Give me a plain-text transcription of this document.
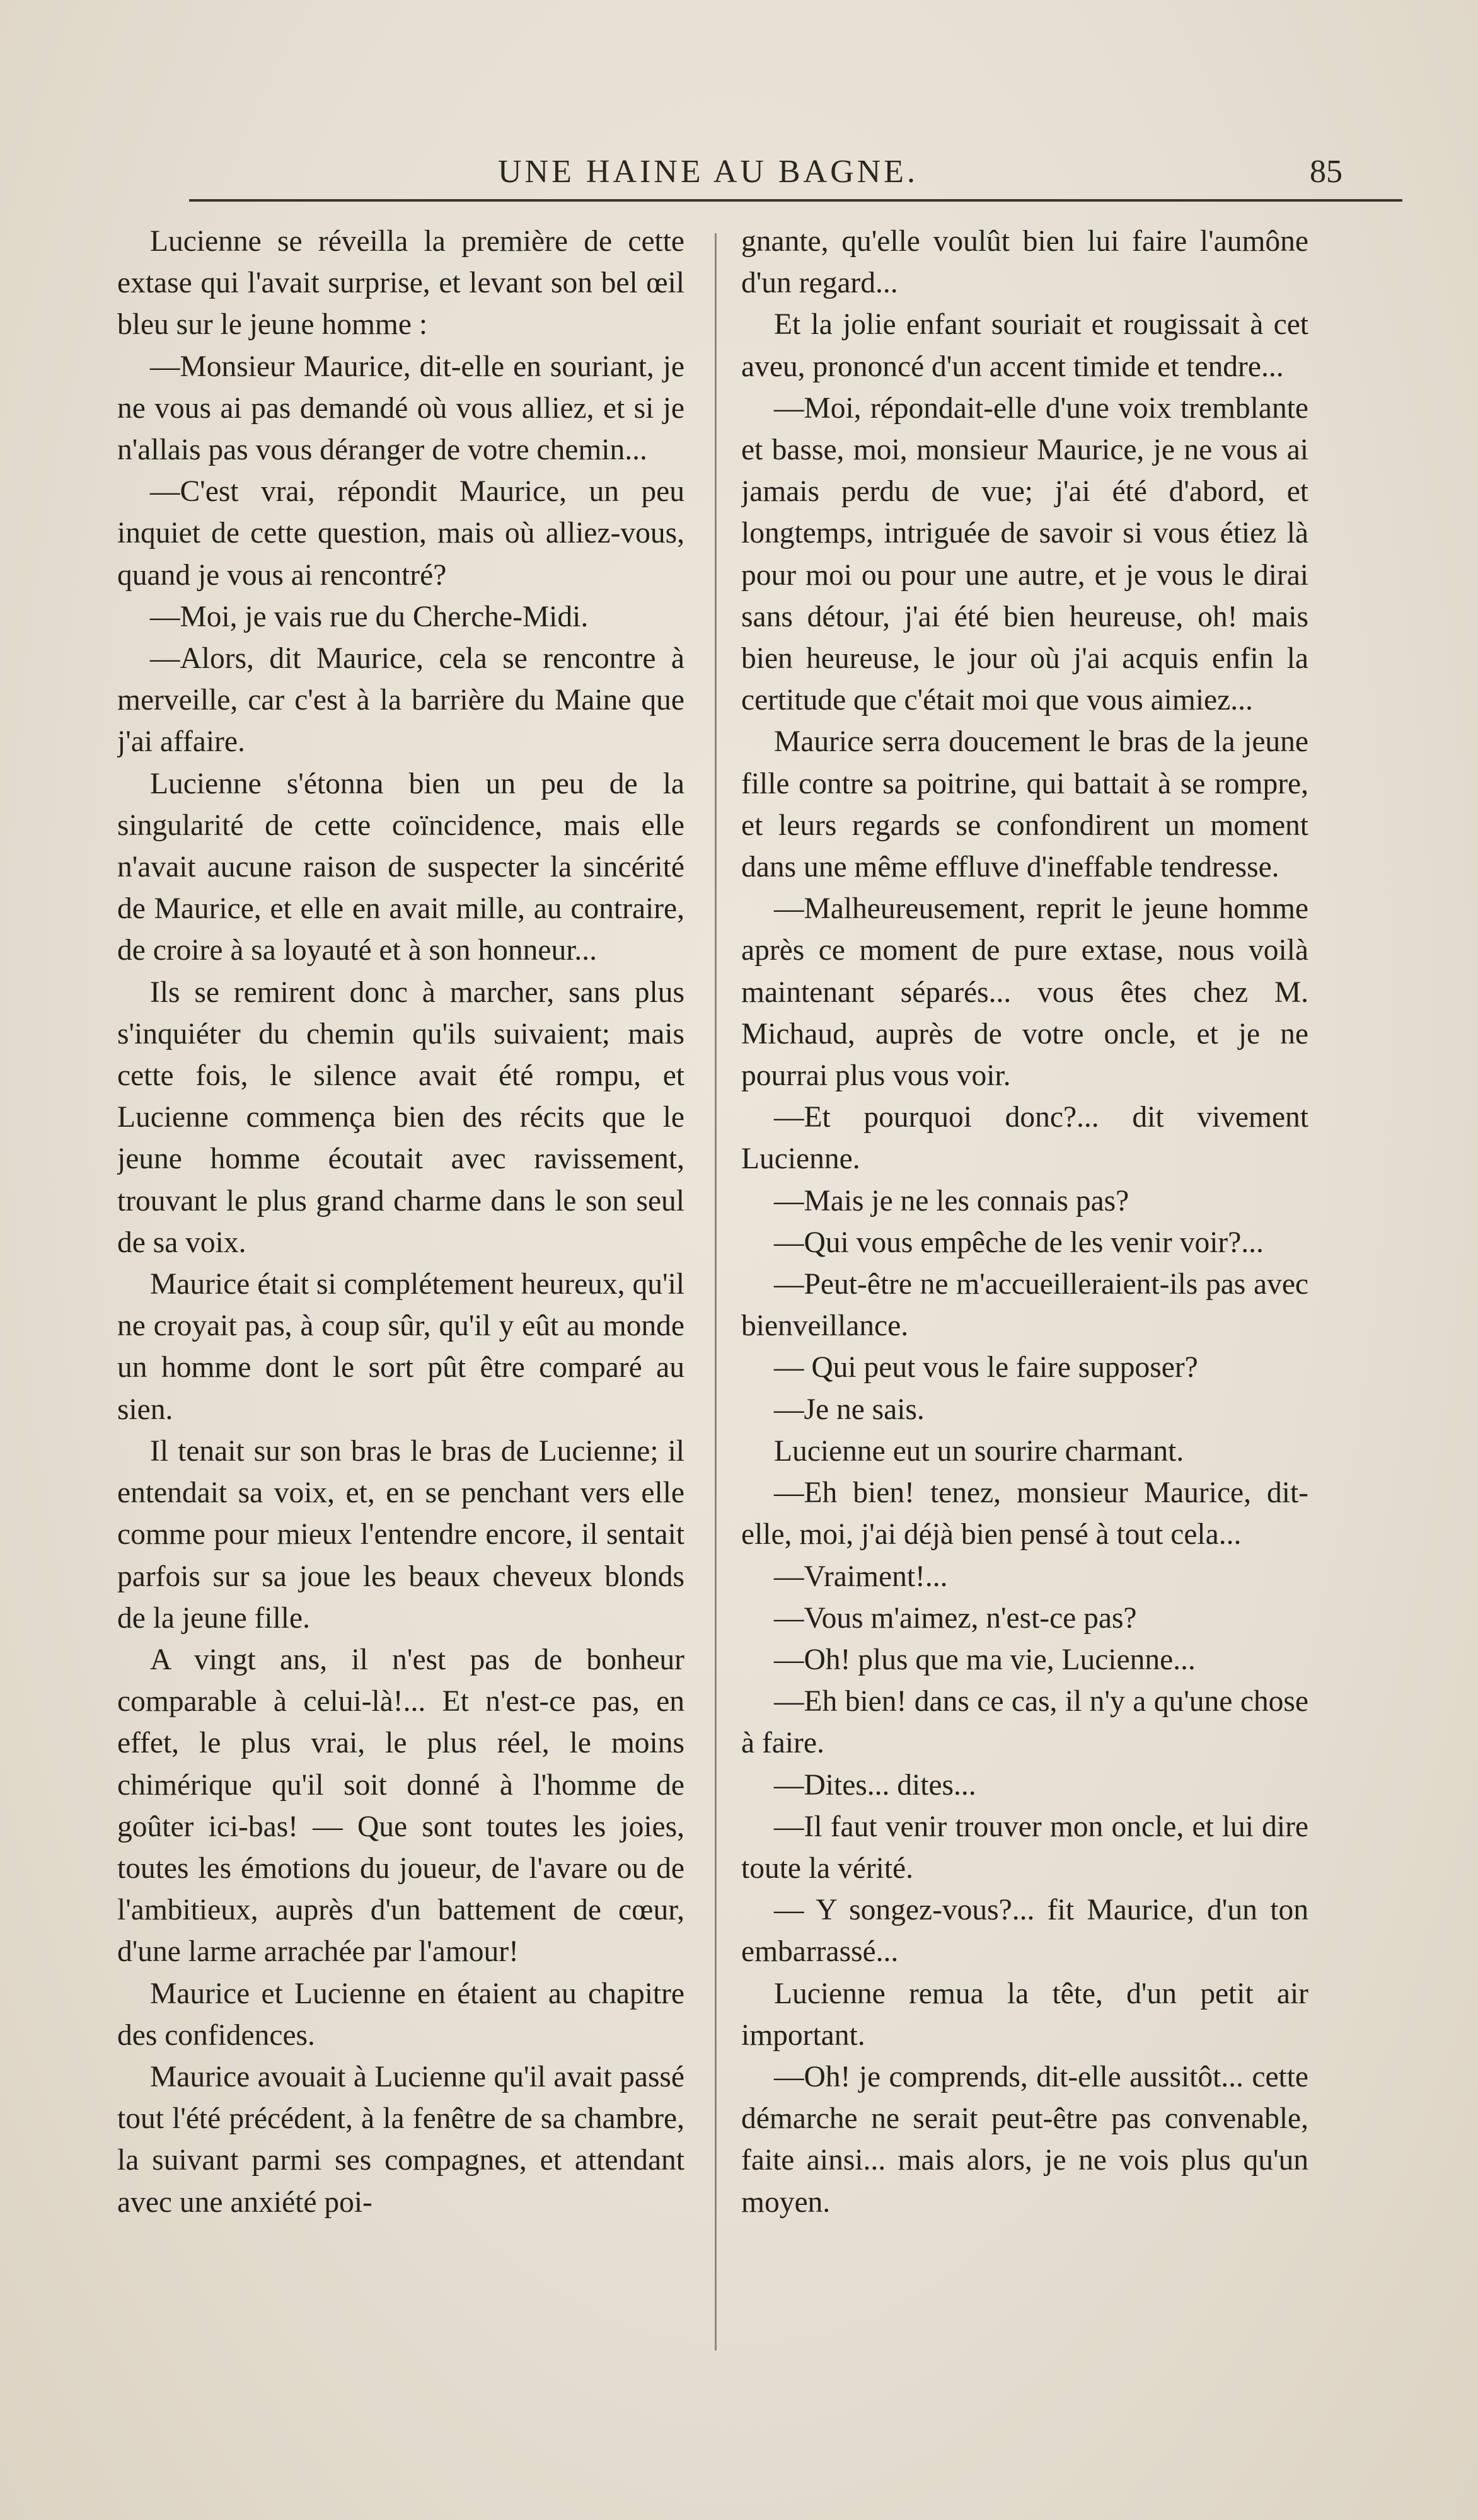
UNE HAINE AU BAGNE.	85

Lucienne se réveilla la première de cette extase qui l'avait surprise, et levant son bel œil bleu sur le jeune homme :

—Monsieur Maurice, dit-elle en souriant, je ne vous ai pas demandé où vous alliez, et si je n'allais pas vous déranger de votre chemin...

—C'est vrai, répondit Maurice, un peu inquiet de cette question, mais où alliez-vous, quand je vous ai rencontré?

—Moi, je vais rue du Cherche-Midi.

—Alors, dit Maurice, cela se rencontre à merveille, car c'est à la barrière du Maine que j'ai affaire.

Lucienne s'étonna bien un peu de la singularité de cette coïncidence, mais elle n'avait aucune raison de suspecter la sincérité de Maurice, et elle en avait mille, au contraire, de croire à sa loyauté et à son honneur...

Ils se remirent donc à marcher, sans plus s'inquiéter du chemin qu'ils suivaient; mais cette fois, le silence avait été rompu, et Lucienne commença bien des récits que le jeune homme écoutait avec ravissement, trouvant le plus grand charme dans le son seul de sa voix.

Maurice était si complétement heureux, qu'il ne croyait pas, à coup sûr, qu'il y eût au monde un homme dont le sort pût être comparé au sien.

Il tenait sur son bras le bras de Lucienne; il entendait sa voix, et, en se penchant vers elle comme pour mieux l'entendre encore, il sentait parfois sur sa joue les beaux cheveux blonds de la jeune fille.

A vingt ans, il n'est pas de bonheur comparable à celui-là!... Et n'est-ce pas, en effet, le plus vrai, le plus réel, le moins chimérique qu'il soit donné à l'homme de goûter ici-bas! — Que sont toutes les joies, toutes les émotions du joueur, de l'avare ou de l'ambitieux, auprès d'un battement de cœur, d'une larme arrachée par l'amour!

Maurice et Lucienne en étaient au chapitre des confidences.

Maurice avouait à Lucienne qu'il avait passé tout l'été précédent, à la fenêtre de sa chambre, la suivant parmi ses compagnes, et attendant avec une anxiété poi-

gnante, qu'elle voulût bien lui faire l'aumône d'un regard...

Et la jolie enfant souriait et rougissait à cet aveu, prononcé d'un accent timide et tendre...

—Moi, répondait-elle d'une voix tremblante et basse, moi, monsieur Maurice, je ne vous ai jamais perdu de vue; j'ai été d'abord, et longtemps, intriguée de savoir si vous étiez là pour moi ou pour une autre, et je vous le dirai sans détour, j'ai été bien heureuse, oh! mais bien heureuse, le jour où j'ai acquis enfin la certitude que c'était moi que vous aimiez...

Maurice serra doucement le bras de la jeune fille contre sa poitrine, qui battait à se rompre, et leurs regards se confondirent un moment dans une même effluve d'ineffable tendresse.

—Malheureusement, reprit le jeune homme après ce moment de pure extase, nous voilà maintenant séparés... vous êtes chez M. Michaud, auprès de votre oncle, et je ne pourrai plus vous voir.

—Et pourquoi donc?... dit vivement Lucienne.

—Mais je ne les connais pas?

—Qui vous empêche de les venir voir?...

—Peut-être ne m'accueilleraient-ils pas avec bienveillance.

— Qui peut vous le faire supposer?

—Je ne sais.

Lucienne eut un sourire charmant.

—Eh bien! tenez, monsieur Maurice, dit-elle, moi, j'ai déjà bien pensé à tout cela...

—Vraiment!...

—Vous m'aimez, n'est-ce pas?

—Oh! plus que ma vie, Lucienne...

—Eh bien! dans ce cas, il n'y a qu'une chose à faire.

—Dites... dites...

—Il faut venir trouver mon oncle, et lui dire toute la vérité.

— Y songez-vous?... fit Maurice, d'un ton embarrassé...

Lucienne remua la tête, d'un petit air important.

—Oh! je comprends, dit-elle aussitôt... cette démarche ne serait peut-être pas convenable, faite ainsi... mais alors, je ne vois plus qu'un moyen.
